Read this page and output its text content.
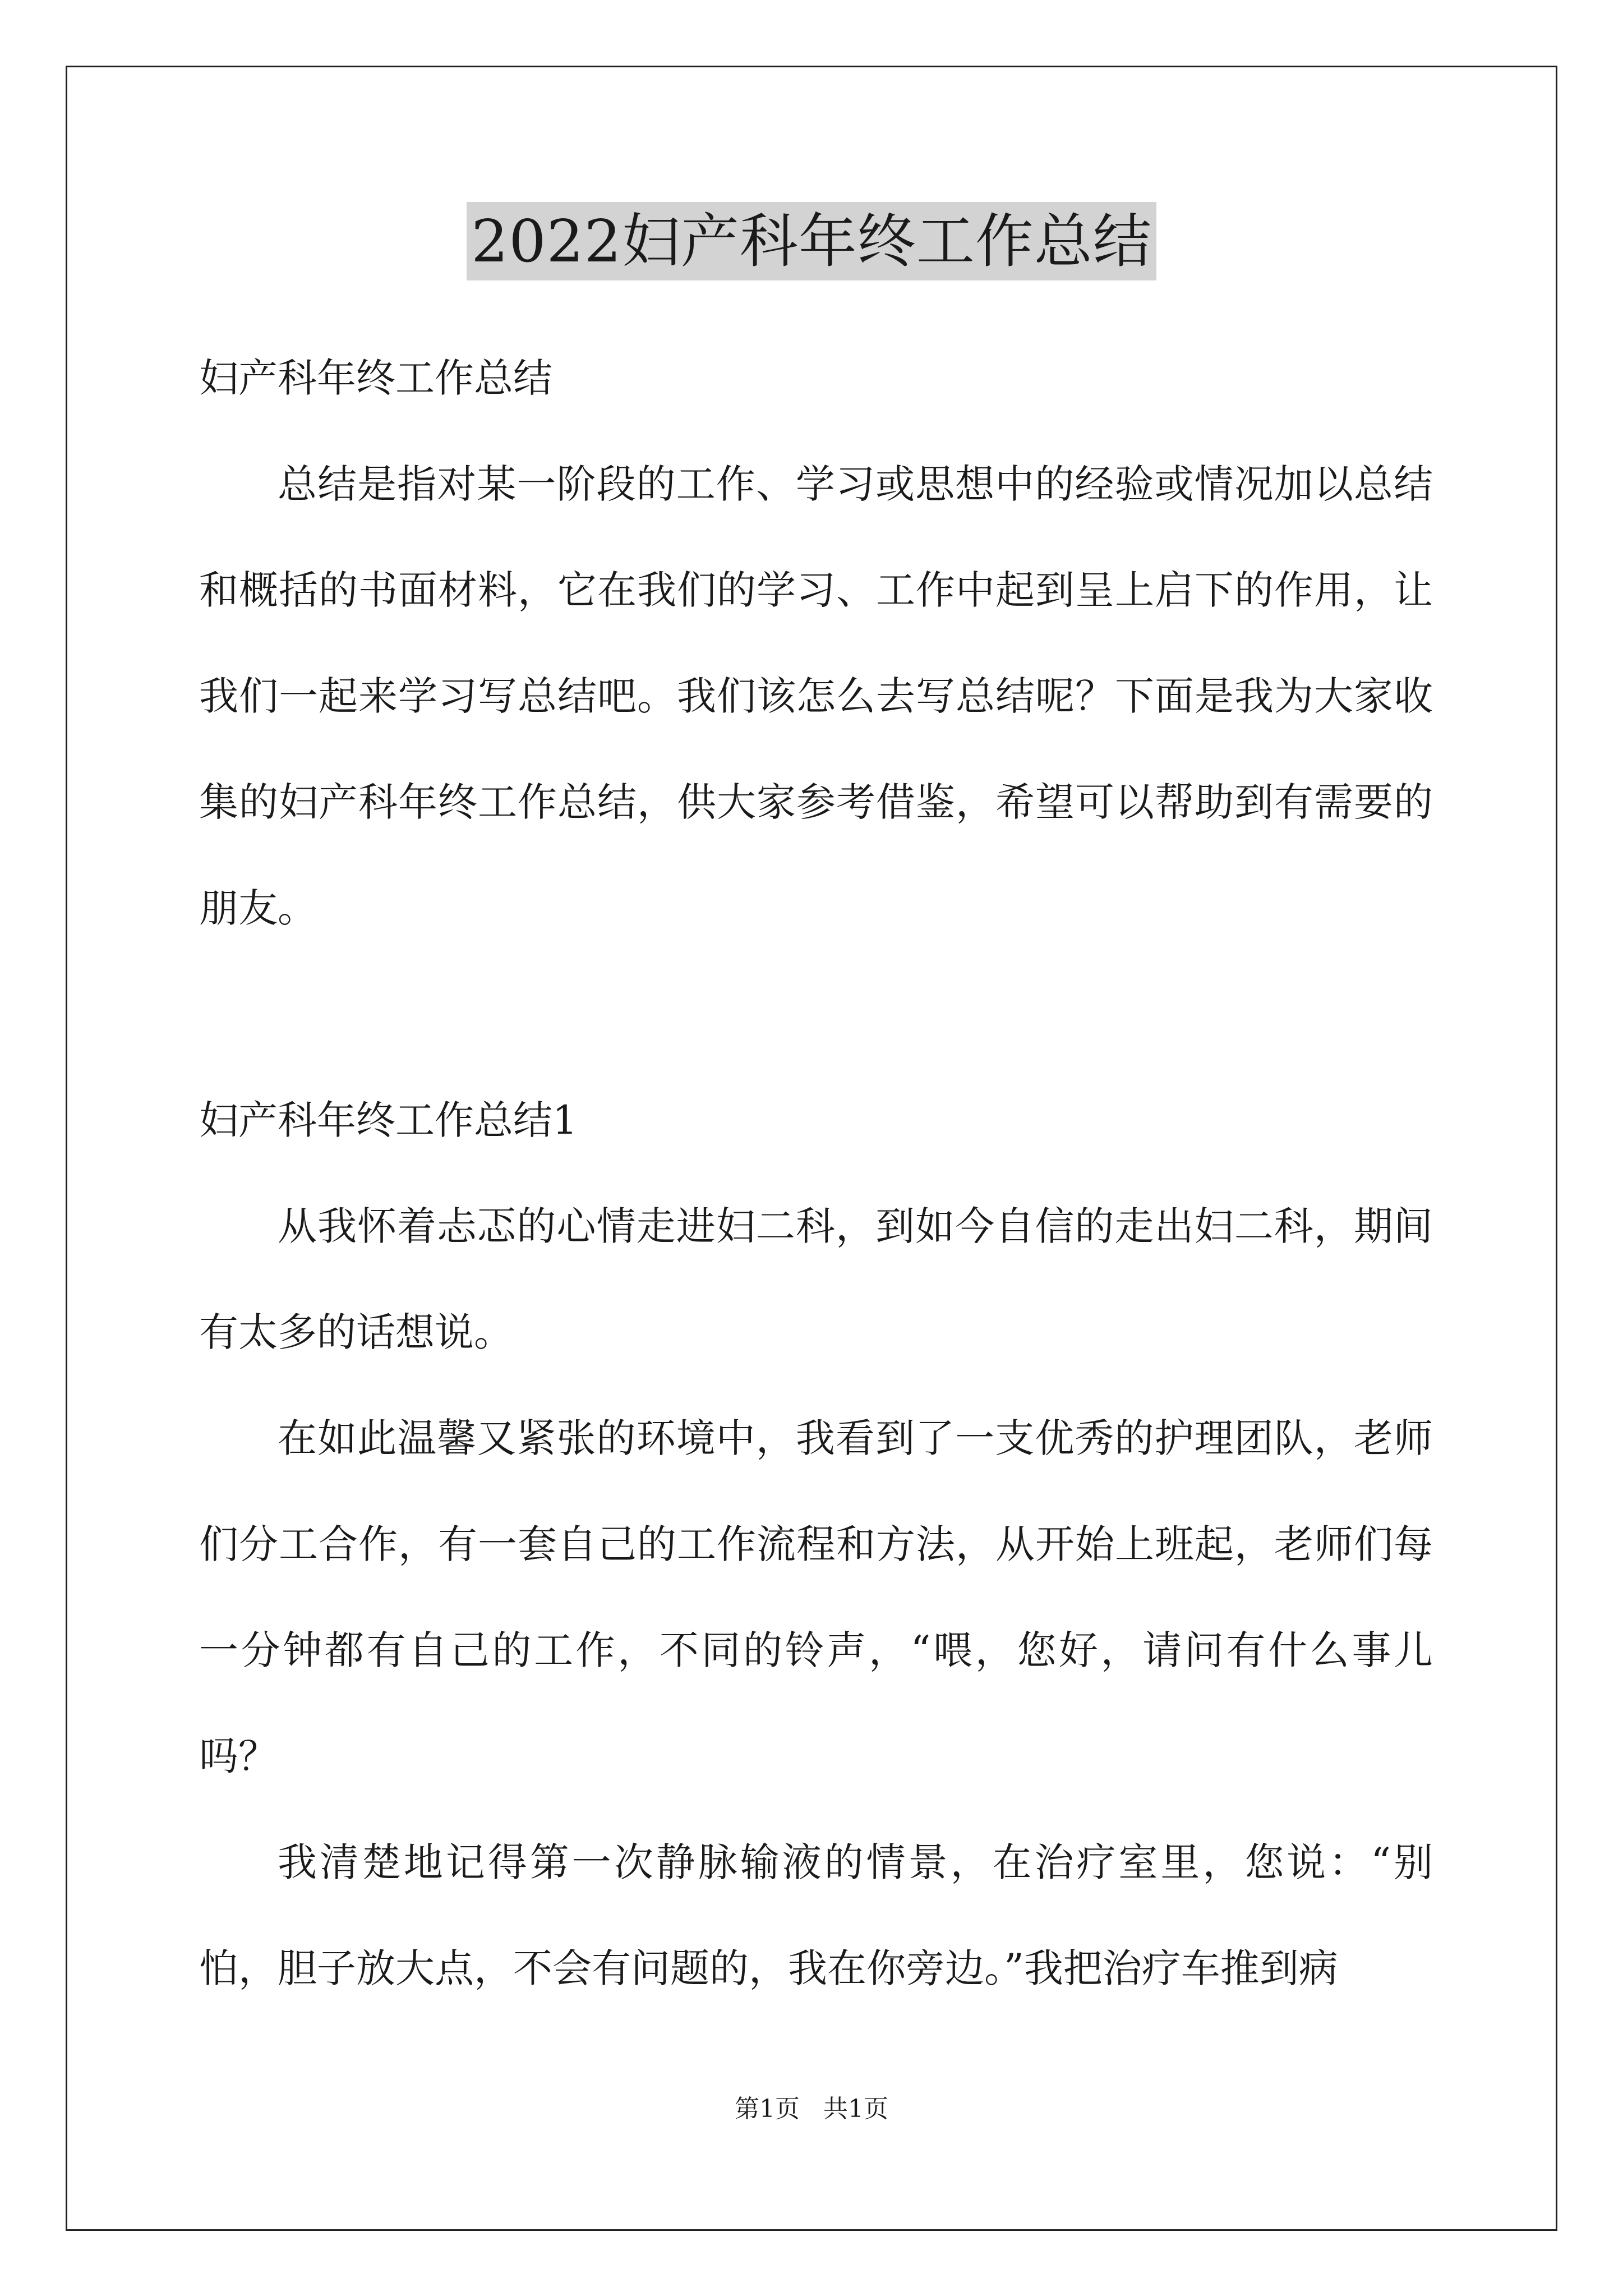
2022妇产科年终工作总结

妇产科年终工作总结

总结是指对某一阶段的工作、学习或思想中的经验或情况加以总结和概括的书面材料，它在我们的学习、工作中起到呈上启下的作用，让我们一起来学习写总结吧。我们该怎么去写总结呢？下面是我为大家收集的妇产科年终工作总结，供大家参考借鉴，希望可以帮助到有需要的朋友。

妇产科年终工作总结1

从我怀着忐忑的心情走进妇二科，到如今自信的走出妇二科，期间有太多的话想说。

在如此温馨又紧张的环境中，我看到了一支优秀的护理团队，老师们分工合作，有一套自己的工作流程和方法，从开始上班起，老师们每一分钟都有自己的工作，不同的铃声，“喂，您好，请问有什么事儿吗？

我清楚地记得第一次静脉输液的情景，在治疗室里，您说：“别怕，胆子放大点，不会有问题的，我在你旁边。”我把治疗车推到病

第1页   共1页
